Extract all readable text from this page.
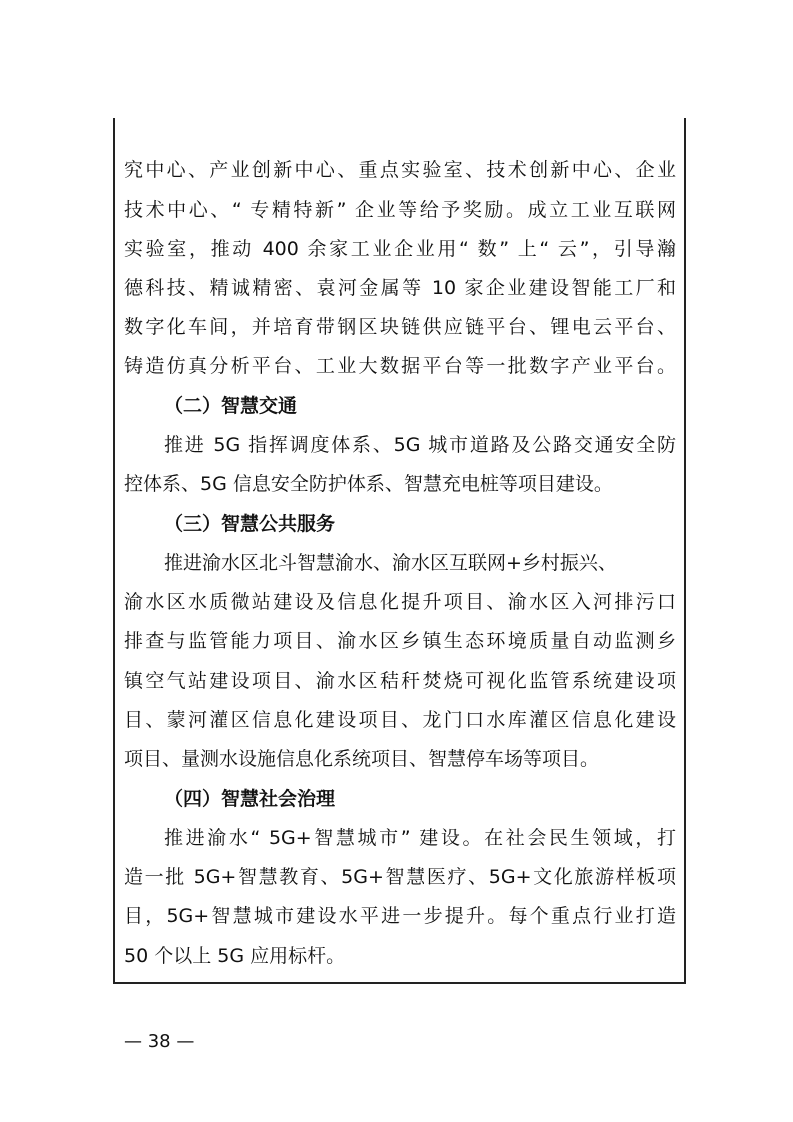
究中心、产业创新中心、重点实验室、技术创新中心、企业
技术中心、“ 专精特新” 企业等给予奖励。成立工业互联网
实验室，推动 400 余家工业企业用“ 数” 上“ 云”，引导瀚
德科技、精诚精密、袁河金属等 10 家企业建设智能工厂和
数字化车间，并培育带钢区块链供应链平台、锂电云平台、
铸造仿真分析平台、工业大数据平台等一批数字产业平台。
（二）智慧交通
推进 5G 指挥调度体系、5G 城市道路及公路交通安全防
控体系、5G 信息安全防护体系、智慧充电桩等项目建设。
（三）智慧公共服务
推进渝水区北斗智慧渝水、渝水区互联网+乡村振兴、
渝水区水质微站建设及信息化提升项目、渝水区入河排污口
排查与监管能力项目、渝水区乡镇生态环境质量自动监测乡
镇空气站建设项目、渝水区秸秆焚烧可视化监管系统建设项
目、蒙河灌区信息化建设项目、龙门口水库灌区信息化建设
项目、量测水设施信息化系统项目、智慧停车场等项目。
（四）智慧社会治理
推进渝水“ 5G+智慧城市” 建设。在社会民生领域，打
造一批 5G+智慧教育、5G+智慧医疗、5G+文化旅游样板项
目，5G+智慧城市建设水平进一步提升。每个重点行业打造
50 个以上 5G 应用标杆。
— 38 —
